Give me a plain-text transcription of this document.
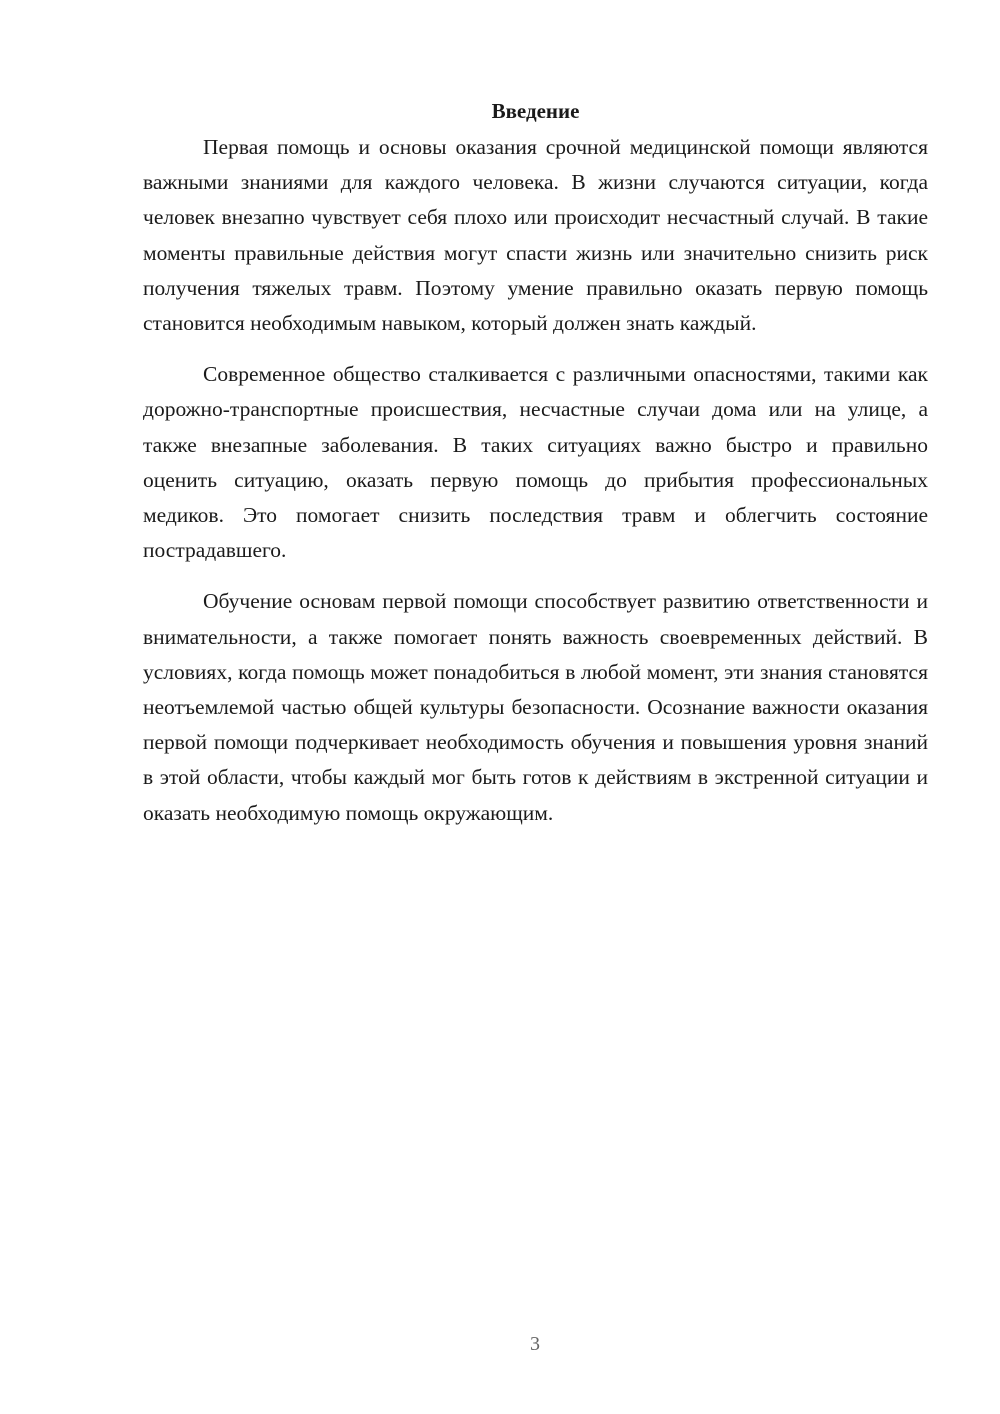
Введение

Первая помощь и основы оказания срочной медицинской помощи являются важными знаниями для каждого человека. В жизни случаются ситуации, когда человек внезапно чувствует себя плохо или происходит несчастный случай. В такие моменты правильные действия могут спасти жизнь или значительно снизить риск получения тяжелых травм. Поэтому умение правильно оказать первую помощь становится необходимым навыком, который должен знать каждый.

Современное общество сталкивается с различными опасностями, такими как дорожно-транспортные происшествия, несчастные случаи дома или на улице, а также внезапные заболевания. В таких ситуациях важно быстро и правильно оценить ситуацию, оказать первую помощь до прибытия профессиональных медиков. Это помогает снизить последствия травм и облегчить состояние пострадавшего.

Обучение основам первой помощи способствует развитию ответственности и внимательности, а также помогает понять важность своевременных действий. В условиях, когда помощь может понадобиться в любой момент, эти знания становятся неотъемлемой частью общей культуры безопасности. Осознание важности оказания первой помощи подчеркивает необходимость обучения и повышения уровня знаний в этой области, чтобы каждый мог быть готов к действиям в экстренной ситуации и оказать необходимую помощь окружающим.

3
